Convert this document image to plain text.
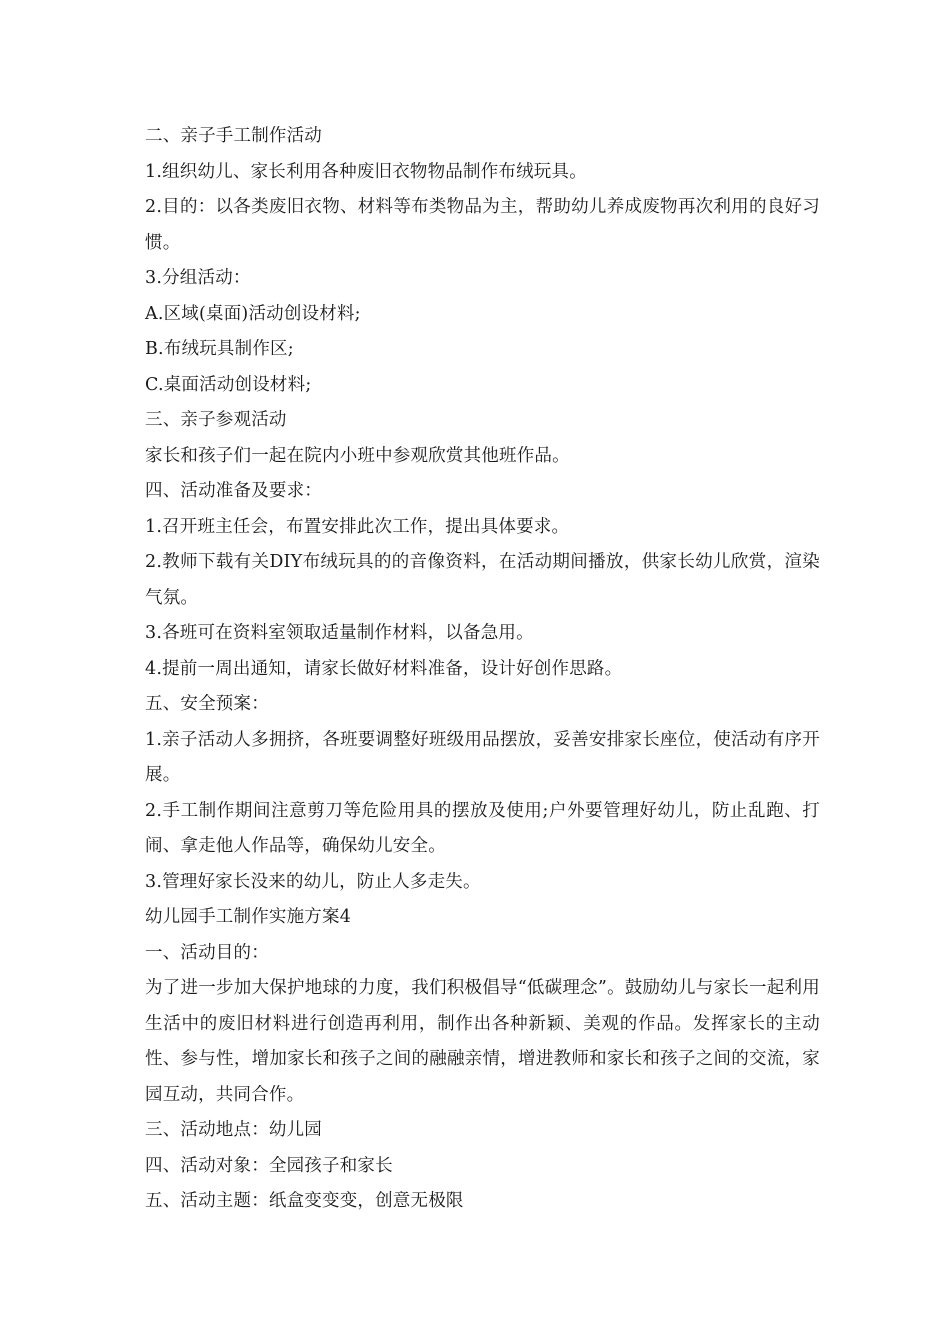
二、亲子手工制作活动

1.组织幼儿、家长利用各种废旧衣物物品制作布绒玩具。

2.目的：以各类废旧衣物、材料等布类物品为主，帮助幼儿养成废物再次利用的良好习惯。

3.分组活动：

A.区域(桌面)活动创设材料;

B.布绒玩具制作区;

C.桌面活动创设材料;

三、亲子参观活动

家长和孩子们一起在院内小班中参观欣赏其他班作品。

四、活动准备及要求：

1.召开班主任会，布置安排此次工作，提出具体要求。

2.教师下载有关DIY布绒玩具的的音像资料，在活动期间播放，供家长幼儿欣赏，渲染气氛。

3.各班可在资料室领取适量制作材料，以备急用。

4.提前一周出通知，请家长做好材料准备，设计好创作思路。

五、安全预案：

1.亲子活动人多拥挤，各班要调整好班级用品摆放，妥善安排家长座位，使活动有序开展。

2.手工制作期间注意剪刀等危险用具的摆放及使用;户外要管理好幼儿，防止乱跑、打闹、拿走他人作品等，确保幼儿安全。

3.管理好家长没来的幼儿，防止人多走失。

幼儿园手工制作实施方案4

一、活动目的：

为了进一步加大保护地球的力度，我们积极倡导“低碳理念”。鼓励幼儿与家长一起利用生活中的废旧材料进行创造再利用，制作出各种新颖、美观的作品。发挥家长的主动性、参与性，增加家长和孩子之间的融融亲情，增进教师和家长和孩子之间的交流，家园互动，共同合作。

三、活动地点：幼儿园

四、活动对象：全园孩子和家长

五、活动主题：纸盒变变变，创意无极限
